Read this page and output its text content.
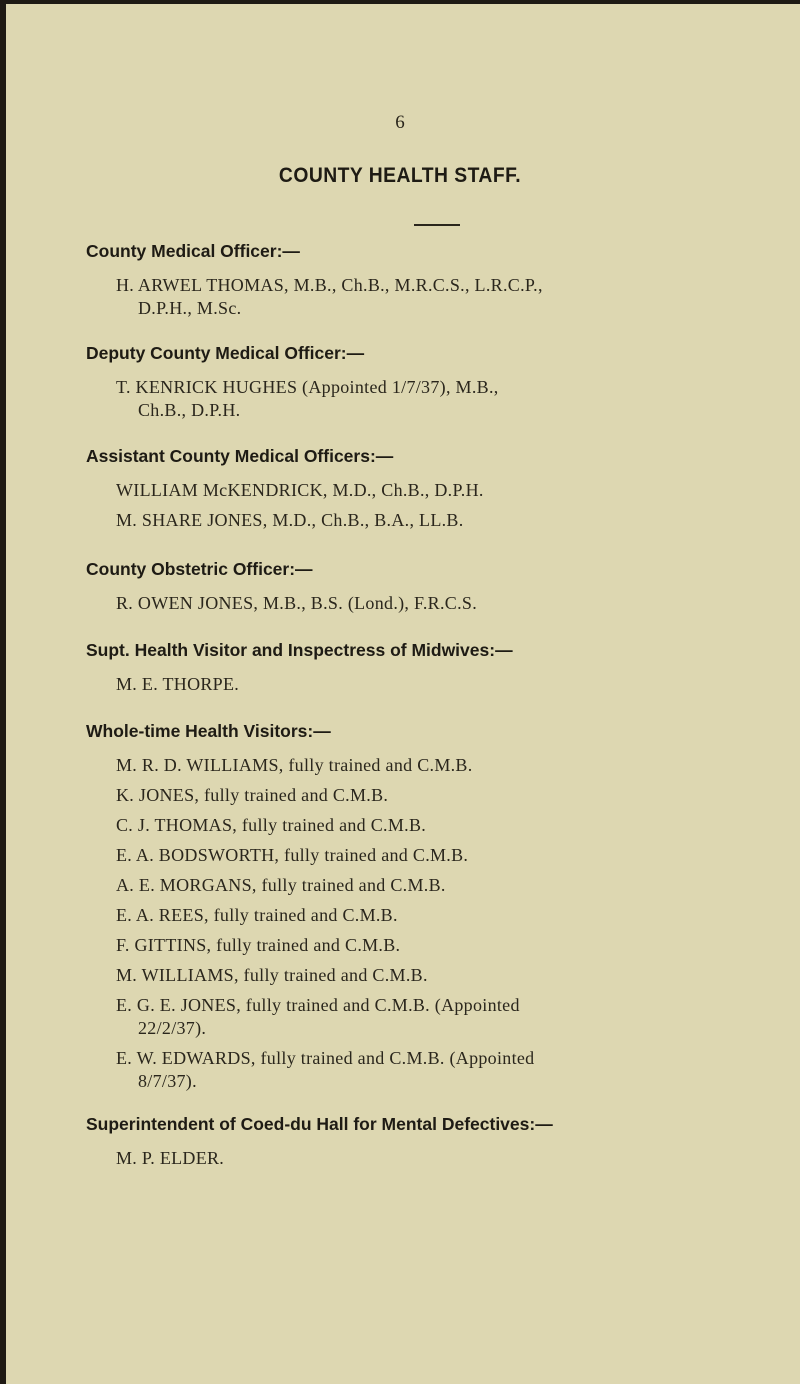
6
COUNTY HEALTH STAFF.
County Medical Officer:—
H. ARWEL THOMAS, M.B., Ch.B., M.R.C.S., L.R.C.P.,
D.P.H., M.Sc.
Deputy County Medical Officer:—
T. KENRICK HUGHES (Appointed 1/7/37), M.B.,
Ch.B., D.P.H.
Assistant County Medical Officers:—
WILLIAM McKENDRICK, M.D., Ch.B., D.P.H.
M. SHARE JONES, M.D., Ch.B., B.A., LL.B.
County Obstetric Officer:—
R. OWEN JONES, M.B., B.S. (Lond.), F.R.C.S.
Supt. Health Visitor and Inspectress of Midwives:—
M. E. THORPE.
Whole-time Health Visitors:—
M. R. D. WILLIAMS, fully trained and C.M.B.
K. JONES, fully trained and C.M.B.
C. J. THOMAS, fully trained and C.M.B.
E. A. BODSWORTH, fully trained and C.M.B.
A. E. MORGANS, fully trained and C.M.B.
E. A. REES, fully trained and C.M.B.
F. GITTINS, fully trained and C.M.B.
M. WILLIAMS, fully trained and C.M.B.
E. G. E. JONES, fully trained and C.M.B. (Appointed
22/2/37).
E. W. EDWARDS, fully trained and C.M.B. (Appointed
8/7/37).
Superintendent of Coed-du Hall for Mental Defectives:—
M. P. ELDER.
